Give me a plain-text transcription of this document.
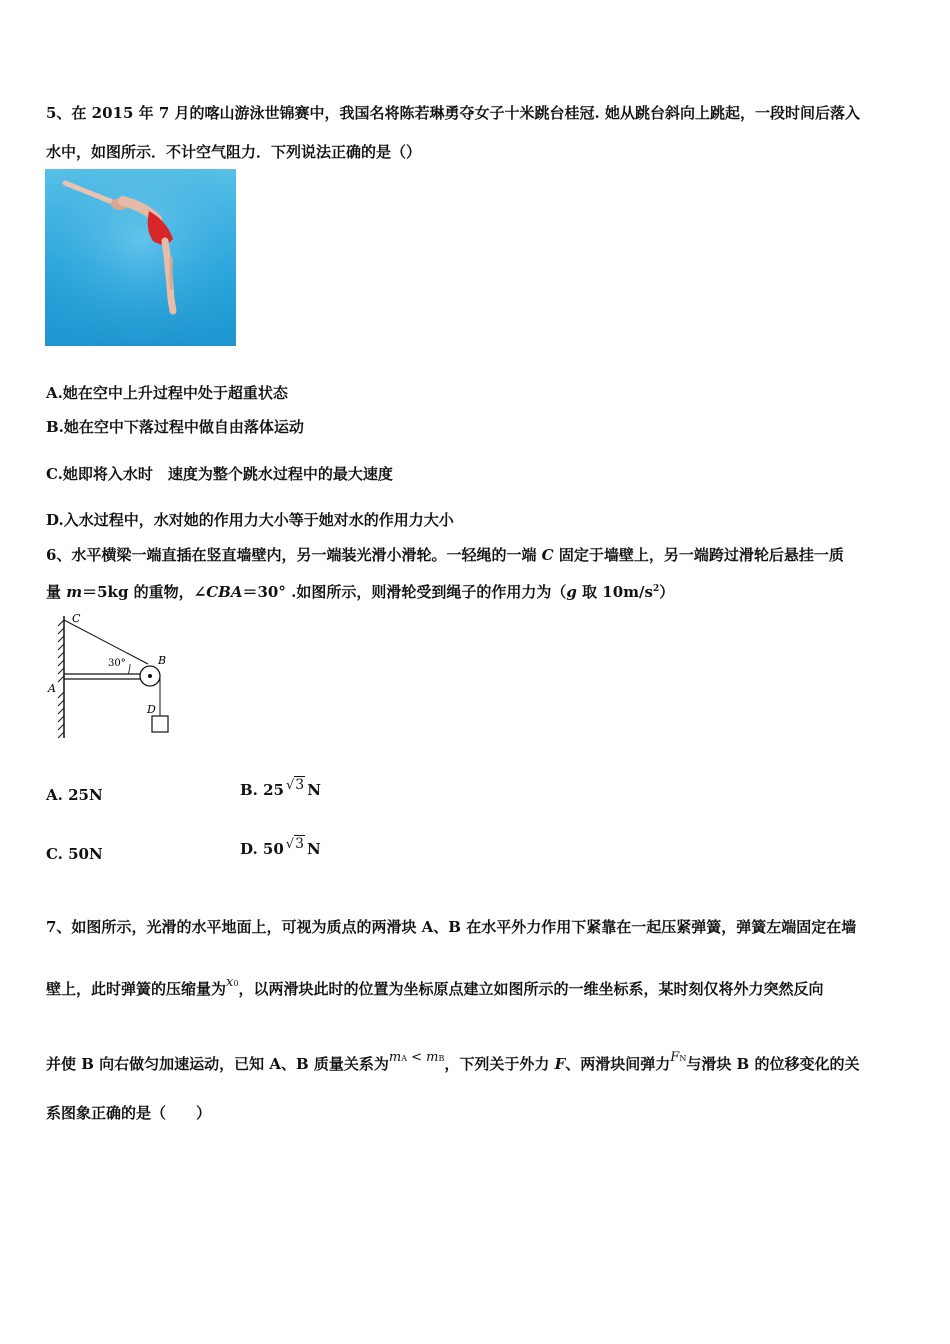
5、在 2015 年 7 月的喀山游泳世锦赛中，我国名将陈若琳勇夺女子十米跳台桂冠. 她从跳台斜向上跳起，一段时间后落入
水中，如图所示．不计空气阻力．下列说法正确的是（）
A.她在空中上升过程中处于超重状态
B.她在空中下落过程中做自由落体运动
C.她即将入水时　速度为整个跳水过程中的最大速度
D.入水过程中，水对她的作用力大小等于她对水的作用力大小
6、水平横梁一端直插在竖直墙壁内，另一端装光滑小滑轮。一轻绳的一端 C 固定于墙壁上，另一端跨过滑轮后悬挂一质
量 m＝5kg 的重物，∠CBA＝30° .如图所示，则滑轮受到绳子的作用力为（g 取 $10m/s^2$）
C
B
A
D
30°
A. 25N	B. 25 √3 N
C. 50N	D. 50 √3 N
7、如图所示，光滑的水平地面上，可视为质点的两滑块 A、B 在水平外力作用下紧靠在一起压紧弹簧，弹簧左端固定在墙
壁上，此时弹簧的压缩量为x0，以两滑块此时的位置为坐标原点建立如图所示的一维坐标系，某时刻仅将外力突然反向
并使 B 向右做匀加速运动，已知 A、B 质量关系为mA < mB，下列关于外力 F、两滑块间弹力FN与滑块 B 的位移变化的关
系图象正确的是（　　）
